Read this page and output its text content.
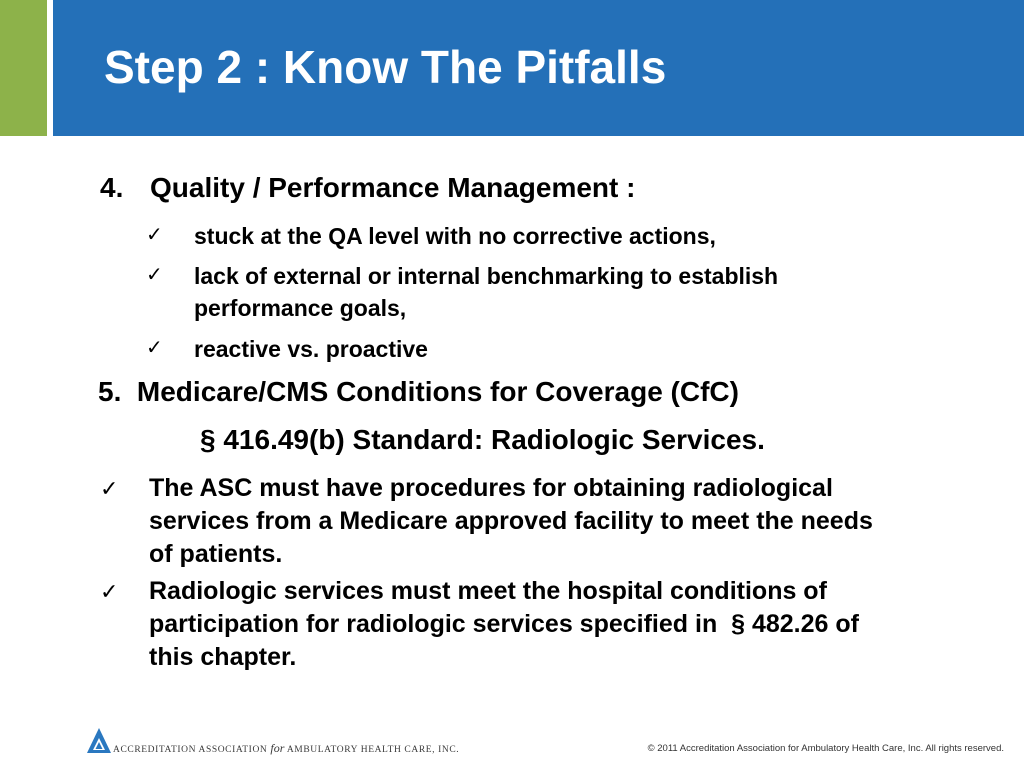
Step 2 : Know The Pitfalls
4. Quality / Performance Management :
✓ stuck at the QA level with no corrective actions,
✓ lack of external or internal benchmarking to establish
performance goals,
✓ reactive vs. proactive
5.  Medicare/CMS Conditions for Coverage (CfC)
§ 416.49(b) Standard: Radiologic Services.
✓ The ASC must have procedures for obtaining radiological
services from a Medicare approved facility to meet the needs
of patients.
✓ Radiologic services must meet the hospital conditions of
participation for radiologic services specified in  § 482.26 of
this chapter.
ACCREDITATION ASSOCIATION for AMBULATORY HEALTH CARE, INC.	© 2011 Accreditation Association for Ambulatory Health Care, Inc. All rights reserved.
